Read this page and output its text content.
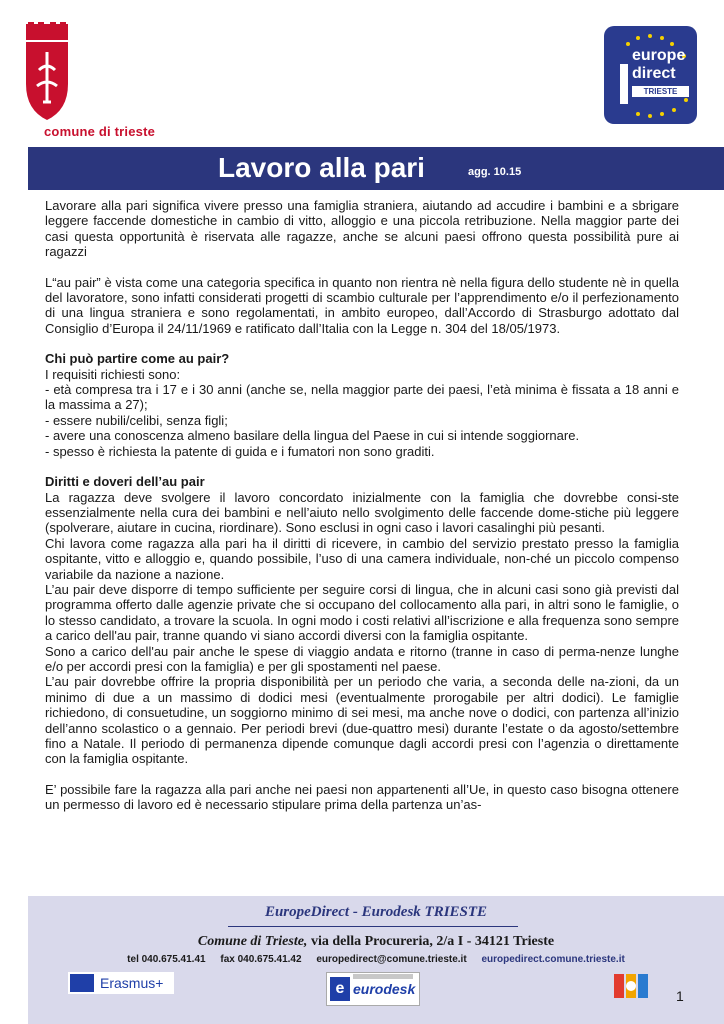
comune di trieste
europe
direct
TRIESTE
Lavoro alla pari	agg. 10.15

Lavorare alla pari significa vivere presso una famiglia straniera, aiutando ad accudire i bambini e a sbrigare leggere faccende domestiche in cambio di vitto, alloggio e una piccola retribuzione. Nella maggior parte dei casi questa opportunità è riservata alle ragazze, anche se alcuni paesi offrono questa possibilità pure ai ragazzi

L“au pair” è vista come una categoria specifica in quanto non rientra nè nella figura dello studente nè in quella del lavoratore, sono infatti considerati progetti di scambio culturale per l’apprendimento e/o il perfezionamento di una lingua straniera e sono regolamentati, in ambito europeo, dall’Accordo di Strasburgo adottato dal Consiglio d’Europa il 24/11/1969 e ratificato dall’Italia con la Legge n. 304 del 18/05/1973.

Chi può partire come au pair?

I requisiti richiesti sono:

- età compresa tra i 17 e i 30 anni (anche se, nella maggior parte dei paesi, l’età minima è fissata a 18 anni e la massima a 27);

- essere nubili/celibi, senza figli;

- avere una conoscenza almeno basilare della lingua del Paese in cui si intende soggiornare.

- spesso è richiesta la patente di guida e i fumatori non sono graditi.

Diritti e doveri dell’au pair

La ragazza deve svolgere il lavoro concordato inizialmente con la famiglia che dovrebbe consi-ste essenzialmente nella cura dei bambini e nell’aiuto nello svolgimento delle faccende dome-stiche più leggere (spolverare, aiutare in cucina, riordinare). Sono esclusi in ogni caso i lavori casalinghi più pesanti.

Chi lavora come ragazza alla pari ha il diritti di ricevere, in cambio del servizio prestato presso la famiglia ospitante, vitto e alloggio e, quando possibile, l’uso di una camera individuale, non-ché un piccolo compenso variabile da nazione a nazione.

L’au pair deve disporre di tempo sufficiente per seguire corsi di lingua, che in alcuni casi sono già previsti dal programma offerto dalle agenzie private che si occupano del collocamento alla pari, in altri sono le famiglie, o lo stesso candidato, a trovare la scuola. In ogni modo i costi relativi all’iscrizione e alla frequenza sono sempre a carico dell'au pair, tranne quando vi siano accordi diversi con la famiglia ospitante.

Sono a carico dell'au pair anche le spese di viaggio andata e ritorno (tranne in caso di perma-nenze lunghe e/o per accordi presi con la famiglia) e per gli spostamenti nel paese.

L’au pair dovrebbe offrire la propria disponibilità per un periodo che varia, a seconda delle na-zioni, da un minimo di due a un massimo di dodici mesi (eventualmente prorogabile per altri dodici). Le famiglie richiedono, di consuetudine, un soggiorno minimo di sei mesi, ma anche nove o dodici, con partenza all’inizio dell’anno scolastico o a gennaio. Per periodi brevi (due-quattro mesi) durante l’estate o da agosto/settembre fino a Natale. Il periodo di permanenza dipende comunque dagli accordi presi con l’agenzia o direttamente con la famiglia ospitante.

E’ possibile fare la ragazza alla pari anche nei paesi non appartenenti all’Ue, in questo caso bisogna ottenere un permesso di lavoro ed è necessario stipulare prima della partenza un’as-

EuropeDirect - Eurodesk TRIESTE
Comune di Trieste, via della Procureria, 2/a I - 34121 Trieste
tel 040.675.41.41 fax 040.675.41.42 europedirect@comune.trieste.it europedirect.comune.trieste.it
Erasmus+	e eurodesk	1
